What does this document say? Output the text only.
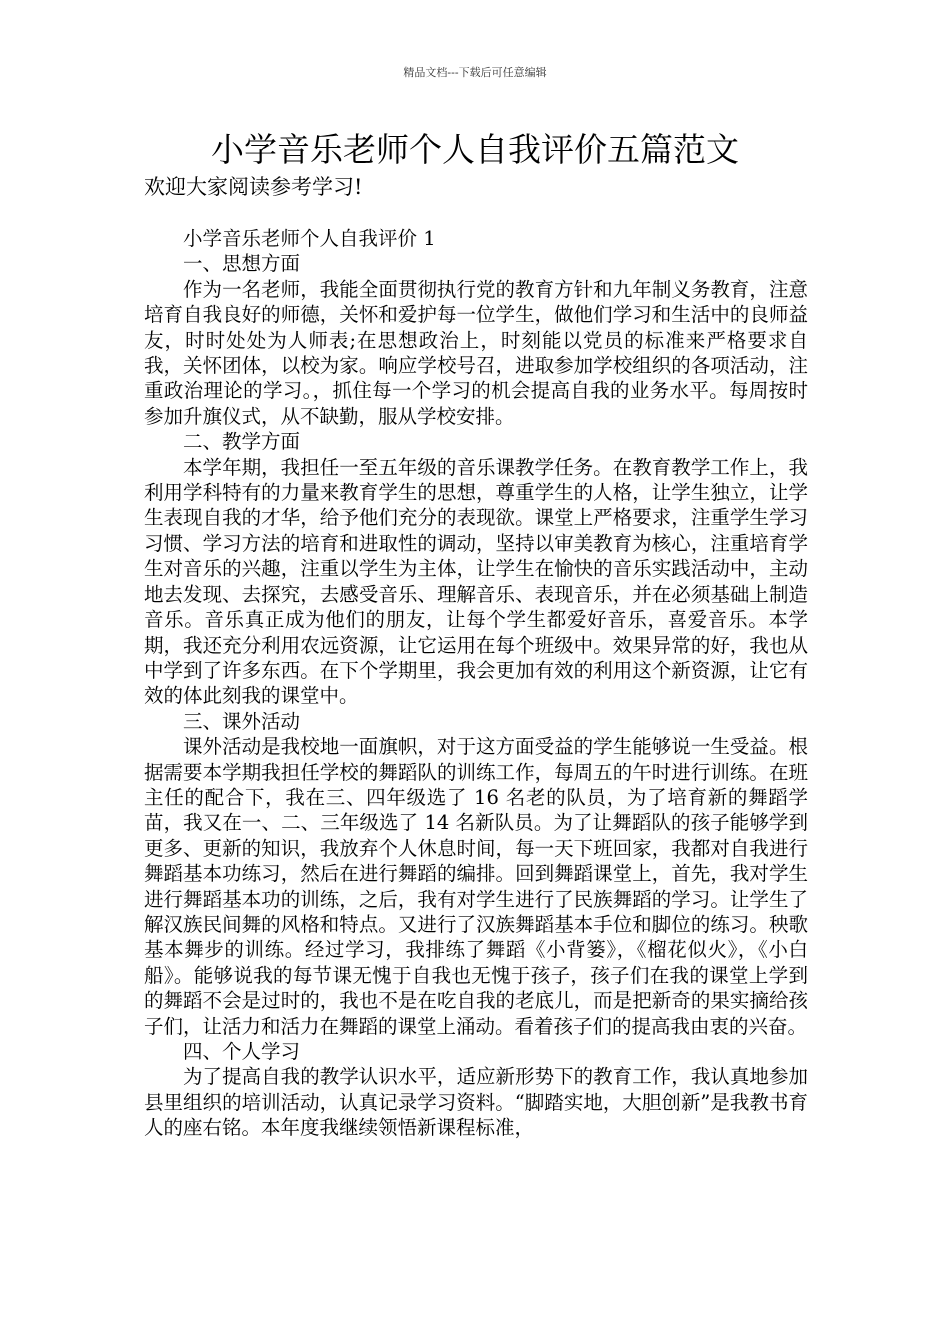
精品文档---下载后可任意编辑
小学音乐老师个人自我评价五篇范文
欢迎大家阅读参考学习!
小学音乐老师个人自我评价 1
一、思想方面

作为一名老师，我能全面贯彻执行党的教育方针和九年制义务教育，注意培育自我良好的师德，关怀和爱护每一位学生，做他们学习和生活中的良师益友，时时处处为人师表;在思想政治上，时刻能以党员的标准来严格要求自我，关怀团体，以校为家。响应学校号召，进取参加学校组织的各项活动，注重政治理论的学习。，抓住每一个学习的机会提高自我的业务水平。每周按时参加升旗仪式，从不缺勤，服从学校安排。

二、教学方面

本学年期，我担任一至五年级的音乐课教学任务。在教育教学工作上，我利用学科特有的力量来教育学生的思想，尊重学生的人格，让学生独立，让学生表现自我的才华，给予他们充分的表现欲。课堂上严格要求，注重学生学习习惯、学习方法的培育和进取性的调动，坚持以审美教育为核心，注重培育学生对音乐的兴趣，注重以学生为主体，让学生在愉快的音乐实践活动中，主动地去发现、去探究，去感受音乐、理解音乐、表现音乐，并在必须基础上制造音乐。音乐真正成为他们的朋友，让每个学生都爱好音乐，喜爱音乐。本学期，我还充分利用农远资源，让它运用在每个班级中。效果异常的好，我也从中学到了许多东西。在下个学期里，我会更加有效的利用这个新资源，让它有效的体此刻我的课堂中。

三、课外活动

课外活动是我校地一面旗帜，对于这方面受益的学生能够说一生受益。根据需要本学期我担任学校的舞蹈队的训练工作，每周五的午时进行训练。在班主任的配合下，我在三、四年级选了 16 名老的队员，为了培育新的舞蹈学苗，我又在一、二、三年级选了 14 名新队员。为了让舞蹈队的孩子能够学到更多、更新的知识，我放弃个人休息时间，每一天下班回家，我都对自我进行舞蹈基本功练习，然后在进行舞蹈的编排。回到舞蹈课堂上，首先，我对学生进行舞蹈基本功的训练，之后，我有对学生进行了民族舞蹈的学习。让学生了解汉族民间舞的风格和特点。又进行了汉族舞蹈基本手位和脚位的练习。秧歌基本舞步的训练。经过学习，我排练了舞蹈《小背篓》，《榴花似火》，《小白船》。能够说我的每节课无愧于自我也无愧于孩子，孩子们在我的课堂上学到的舞蹈不会是过时的，我也不是在吃自我的老底儿，而是把新奇的果实摘给孩子们，让活力和活力在舞蹈的课堂上涌动。看着孩子们的提高我由衷的兴奋。

四、个人学习

为了提高自我的教学认识水平，适应新形势下的教育工作，我认真地参加县里组织的培训活动，认真记录学习资料。“脚踏实地，大胆创新”是我教书育人的座右铭。本年度我继续领悟新课程标准，
